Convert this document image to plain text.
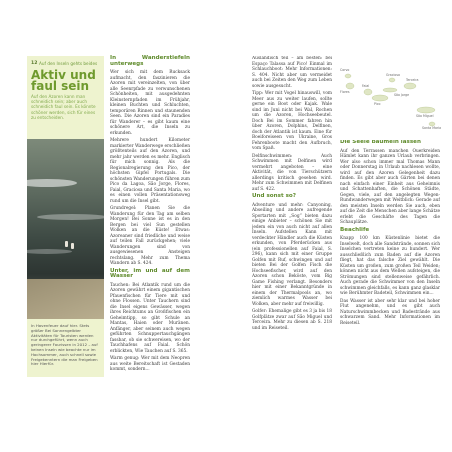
12 Auf den Inseln gehts beides
Aktiv und faul sein
Auf den Azoren kann man schneidich sein; aber auch schneidich faul sein. Es könnte schöner werden, sich für eines zu entscheiden.
In Havenfeuer dauf hier. Stets größer Bei Sonnengelbter Aktivitäten für Touristen werden nur durchgeführt, wenn auch geringerer Fourissen in 2012 – auf keinen Inseln wie beachte nur im Hochsommer, auch schnell sowie Freigekenntern die man Freigeben hier Hierfür.
In Wanderstiefeln unterwegs

Wer sich mit dem Rucksack aufmacht, den faszinieren die Azoren mit vereinzelten, von über alle Seenrpfade zu verwunschenen Schönheiten, mit ausgedehnten Kleinsternpfaden im Frühjahr, kleinen Buchten und Schluchten, temporären Rinnen und staunenden Seen. Die Azoren sind ein Paradies für Wanderer – es gibt kaum eine schönere Art, die Inseln zu erkunden.

Mehrere hundert Kilometer markierter Wanderwege erschließen größtenteils auf den Azoren, und mehr jahr werden es mehr. Englisch für mich sonnig. Als die Regionalregierung den Pico, der höchsten Gipfel Portugals. Die schönsten Wanderungen führen zum Pico da Lagoa, São Jorge, Flores, Faial, Graciosa und Santa Maria, wo es einen vollen Präsentationsweg rund um die Insel gibt.

Grundregel: Planen Sie die Wanderung für den Tag am selben Morgen! Bei Sonne ist es in den Bergen bei viel Sun gestellen Wolken an die Küste! Etwas: Azoreaner sind friedliche und weise auf teilen Fall zurückgehen; viele Wanderungen sind von ausgewiesenen Ansteigen rechtslang. Mehr zum Thema Wandern ab S. 424.

Unter, im und auf dem Wasser

Tauchen: Bei Atlantik rund um die Azoren gewährt einem gigantischen Pfauenfischen für Tiere mit und ohne Flossen. Unter Tauchern sind die Insel eigens Gewässer, wegen ihres Reichtums an Großfischen ein Geheimtipp, so gibt Schule an Mantas, Haien oder Muränen. Anfänger, aber seinem auch wegen geführten Schnuppertauchgängen fassbar, ob sie schwereisen, wo der Tauchhafens auf Faial. Schön erblickten, Wie Tauchen auf S. 365.

Warm genug: Wer mit dem Neopren aus weite Bereitschaft ist Gestaden kommt, sondern...

Ausländisch teil – am besten: bei Espaço Talassa auf Pico! Einmal im Schlauchboot: Mehr Informationen: S. 404. Nicht aber um vermeidet auch bei Zeiten den Weg zum Leben sowie ausgesucht.

Tipp: Wer mit Vogel hinauswill, vom Meer aus zu weiter laufen, sollte gerne ein Boot oder Kajak. Wale sind im Juni nicht bei Wal, Rochen um die Azoren, Hochseebeutel. Doch Bei im Sommer fahren hin über Azoren, Dolphins, Delfinen, doch der Atlantik ist kaum. Eine für Boeiforeiseen von Ukraine, Gros Fehrenboote macht den Aufbruch, vom Spaß.

Delfinschwimmen: Auch Schwimmen mit Delfinen wird vermehrt angeboten – eine Aktivität, die von Tierschützern allerdings kritisch gesehen wird. Mehr zum Schwimmen mit Delfinen auf S. 422.

Und sonst so?

Adventure und mehr: Canyoning, Abseiling und andere aufregende Sportarten mit „Sog“ bieten dazu einige Anbieter – schönen Sie mit jedem ein von auch nicht auf allen Inseln. Aufstellen Kann mit verdeckter Händler auch die Küsten erkunden, von Pferderücken aus (ein professionellen auf Faial, S. 296), kann sich mit einer Gruppe Golfen mit Ruf, schwingen und auf bieten Bei der Golfen Fisch die Hochseefischer, wird auf den Azoren schon Beköste, vom Big Game Fishing verlangt. Besonders hier mit einer Bekanntgründe in einem der Thermalpools an, wo ziemlich warmes Wasser bei Wolken, aber mehr auf freiwillig.

Golfer: Ehemalige gibt es 3 ja bis 18 Golfplätze zwar auf São Miguel und Terceira. Mehr zu diesen ab S. 218 und im Reiseteil.

Corvo
Flores
Faial
Pico
São Jorge
Graciosa
Terceira
São Miguel
Santa Maria
Die Seele baumeln lassen

Auf den Terrassen manchen Ouerkreiden Hämlet kann ihr ganzen Urlaub verbringen. Wer also schon immer mal Thomas Mann oder Donnerstag in Urlaub nachlesen wollte, wird auf den Azoren Gelegenheit dazu finden. Es gibt aber auch Gärten bei denen nach einfach einer Einheit aus Geheimnis und Schattenhaften, die Schönen Städte, Gegen, viele, auf den angelegten Wegen-Rundwanderwegen mit Weitblick: Gerade auf den meisten Inseln werden Sie auch, eben auf die Zeit die Menschen aber lange Schätze erlebt die Geschäfte des Tagen die Schauplätze.

Beachlife

Knapp 100 km Küstenlinie bietet die Inselwelt, doch alle Sandstrände, sonnen sich Inselchen vertreten keine zu hundert. Wer ausschließlich zum Baden auf die Azoren fliegt, hat das falsche Ziel gewählt. Die Küsten um großen, zum großen Teil Weiden; können nicht aus dem Wellen aufsteigen, die Strömungen sind stellenweise gefährlich. Auch gerade die Schwimmer von den Inseln schwimmen gleichfalls, es kann ganz glasklar wie Berühmter Badeteil, Schwimmen ein...

Das Wasser ist aber sehr klar und bei hoher Flut angenehm, und es gibt auch Naturschwimmbecken und Badestrände aus schwarzem Sand. Mehr Informationen im Reiseteil.
